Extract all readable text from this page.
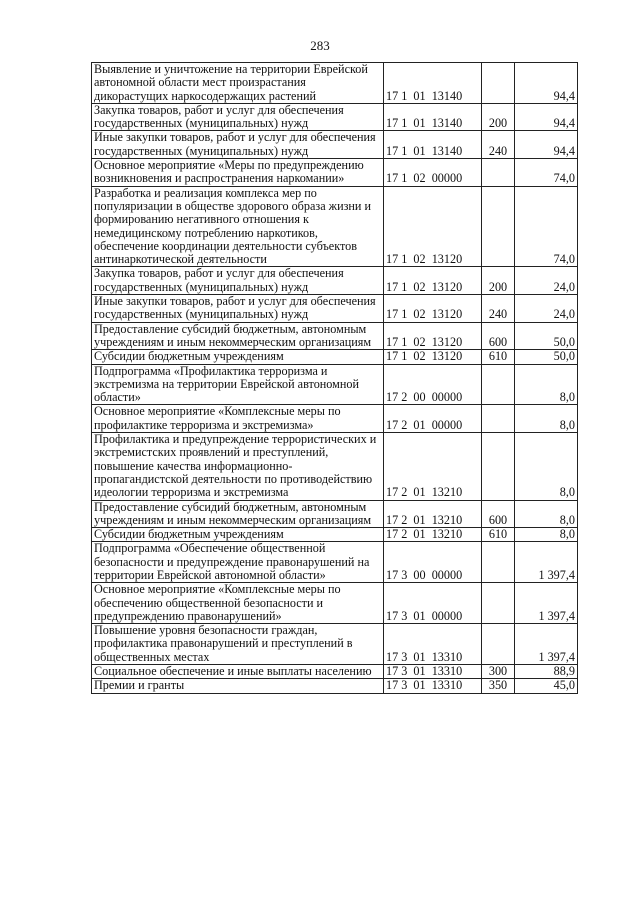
283
Выявление и уничтожение на территории Еврейской автономной области мест произрастания дикорастущих наркосодержащих растений	17 1  01  13140		94,4
Закупка товаров, работ и услуг для обеспечения государственных (муниципальных) нужд	17 1  01  13140	200	94,4
Иные закупки товаров, работ и услуг для обеспечения государственных (муниципальных) нужд	17 1  01  13140	240	94,4
Основное мероприятие «Меры по предупреждению возникновения и распространения наркомании»	17 1  02  00000		74,0
Разработка и реализация комплекса мер по популяризации в обществе здорового образа жизни и формированию негативного отношения к немедицинскому потреблению наркотиков, обеспечение координации деятельности субъектов антинаркотической деятельности	17 1  02  13120		74,0
Закупка товаров, работ и услуг для обеспечения государственных (муниципальных) нужд	17 1  02  13120	200	24,0
Иные закупки товаров, работ и услуг для обеспечения государственных (муниципальных) нужд	17 1  02  13120	240	24,0
Предоставление субсидий бюджетным, автономным учреждениям и иным некоммерческим организациям	17 1  02  13120	600	50,0
Субсидии бюджетным учреждениям	17 1  02  13120	610	50,0
Подпрограмма «Профилактика терроризма и экстремизма на территории Еврейской автономной области»	17 2  00  00000		8,0
Основное мероприятие «Комплексные меры по профилактике терроризма и экстремизма»	17 2  01  00000		8,0
Профилактика и предупреждение террористических и экстремистских проявлений и преступлений, повышение качества информационно-пропагандистской деятельности по противодействию идеологии терроризма и экстремизма	17 2  01  13210		8,0
Предоставление субсидий бюджетным, автономным учреждениям и иным некоммерческим организациям	17 2  01  13210	600	8,0
Субсидии бюджетным учреждениям	17 2  01  13210	610	8,0
Подпрограмма «Обеспечение общественной безопасности и предупреждение правонарушений на территории Еврейской автономной области»	17 3  00  00000		1 397,4
Основное мероприятие «Комплексные меры по обеспечению общественной безопасности и предупреждению правонарушений»	17 3  01  00000		1 397,4
Повышение уровня безопасности граждан, профилактика правонарушений и преступлений в общественных местах	17 3  01  13310		1 397,4
Социальное обеспечение и иные выплаты населению	17 3  01  13310	300	88,9
Премии и гранты	17 3  01  13310	350	45,0
